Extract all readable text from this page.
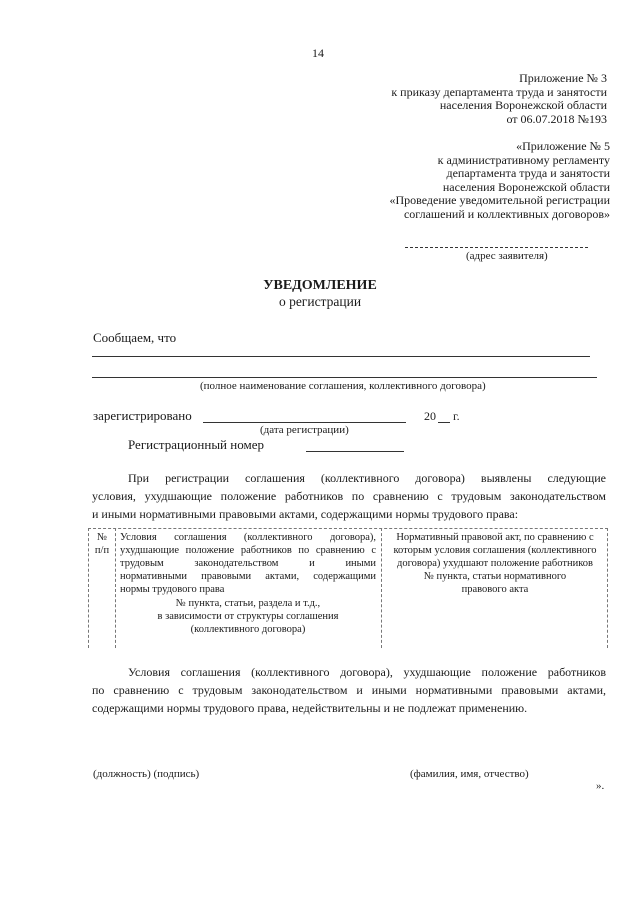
14
Приложение № 3
к приказу департамента труда и занятости
населения Воронежской области
от 06.07.2018 №193
«Приложение № 5
к административному регламенту
департамента труда и занятости
населения Воронежской области
«Проведение уведомительной регистрации
соглашений и коллективных договоров»
(адрес заявителя)
УВЕДОМЛЕНИЕ
о регистрации
Сообщаем, что
(полное наименование соглашения, коллективного договора)
зарегистрировано	20 г.
(дата регистрации)
Регистрационный номер
При регистрации соглашения (коллективного договора) выявлены следующие
условия, ухудшающие положение работников по сравнению с трудовым законодательством
и иными нормативными правовыми актами, содержащими нормы трудового права:
№
п/п
Условия соглашения (коллективного договора),
ухудшающие положение работников по сравнению с
трудовым законодательством и иными
нормативными правовыми актами, содержащими
нормы трудового права
№ пункта, статьи, раздела и т.д.,
в зависимости от структуры соглашения
(коллективного договора)
Нормативный правовой акт, по сравнению с
которым условия соглашения (коллективного
договора) ухудшают положение работников
№ пункта, статьи нормативного
правового акта
Условия соглашения (коллективного договора), ухудшающие положение работников
по сравнению с трудовым законодательством и иными нормативными правовыми актами,
содержащими нормы трудового права, недействительны и не подлежат применению.
(должность) (подпись)	(фамилия, имя, отчество)
».
